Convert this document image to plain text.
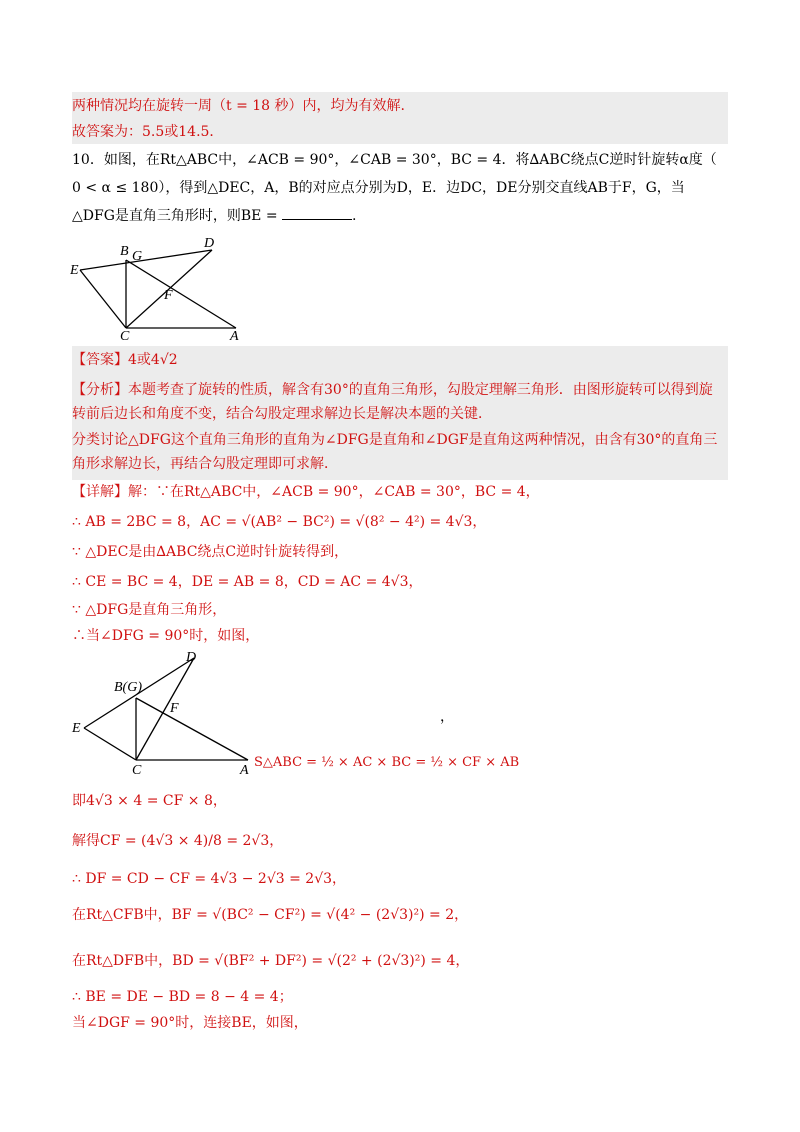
两种情况均在旋转一周（t = 18 秒）内，均为有效解.
故答案为：5.5或14.5．
10．如图，在Rt△ABC中，∠ACB = 90°，∠CAB = 30°，BC = 4．将∆ABC绕点C逆时针旋转α度（
0 < α ≤ 180），得到△DEC，A，B的对应点分别为D，E．边DC，DE分别交直线AB于F，G，当
△DFG是直角三角形时，则BE =	.
B G
D
E
F
C	A
【答案】4或4√2
【分析】本题考查了旋转的性质，解含有30°的直角三角形，勾股定理解三角形．由图形旋转可以得到旋
转前后边长和角度不变，结合勾股定理求解边长是解决本题的关键．
分类讨论△DFG这个直角三角形的直角为∠DFG是直角和∠DGF是直角这两种情况，由含有30°的直角三
角形求解边长，再结合勾股定理即可求解．
【详解】解：∵在Rt△ABC中，∠ACB = 90°，∠CAB = 30°，BC = 4，
∴ AB = 2BC = 8，AC = √(AB² − BC²) = √(8² − 4²) = 4√3，
∵ △DEC是由∆ABC绕点C逆时针旋转得到，
∴ CE = BC = 4，DE = AB = 8，CD = AC = 4√3，
∵ △DFG是直角三角形，
∴当∠DFG = 90°时，如图，
B(G)
D
E
F
C	A
，
S△ABC = ½ × AC × BC = ½ × CF × AB
即4√3 × 4 = CF × 8，
解得CF = (4√3 × 4)/8 = 2√3，
∴ DF = CD − CF = 4√3 − 2√3 = 2√3，
在Rt△CFB中，BF = √(BC² − CF²) = √(4² − (2√3)²) = 2，
在Rt△DFB中，BD = √(BF² + DF²) = √(2² + (2√3)²) = 4，
∴ BE = DE − BD = 8 − 4 = 4；
当∠DGF = 90°时，连接BE，如图，
